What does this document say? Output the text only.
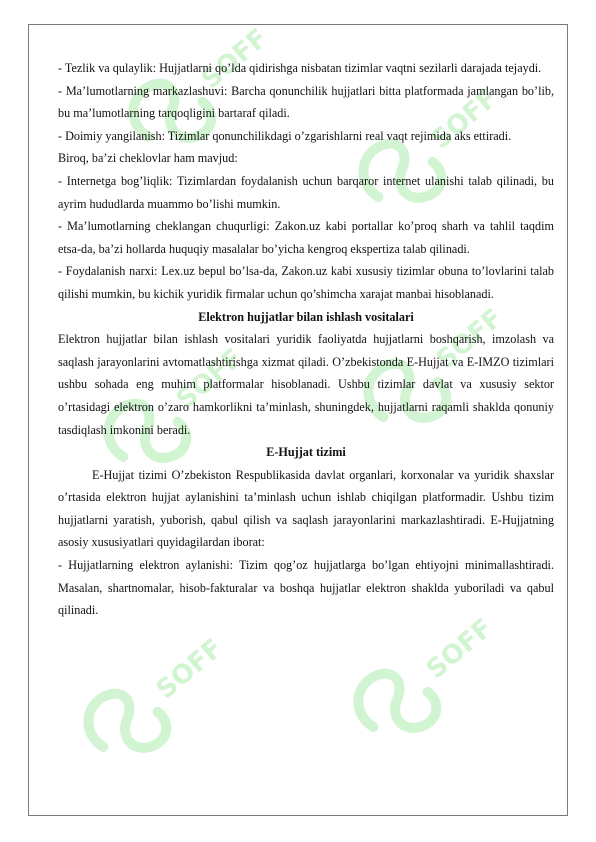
SOFF
SOFF
SOFF
SOFF
SOFF	SOFF

- Tezlik va qulaylik: Hujjatlarni qo’lda qidirishga nisbatan tizimlar vaqtni sezilarli darajada tejaydi.

- Ma’lumotlarning markazlashuvi: Barcha qonunchilik hujjatlari bitta platformada jamlangan bo’lib, bu ma’lumotlarning tarqoqligini bartaraf qiladi.

- Doimiy yangilanish: Tizimlar qonunchilikdagi o’zgarishlarni real vaqt rejimida aks ettiradi.

Biroq, ba’zi cheklovlar ham mavjud:

- Internetga bog’liqlik: Tizimlardan foydalanish uchun barqaror internet ulanishi talab qilinadi, bu ayrim hududlarda muammo bo’lishi mumkin.

- Ma’lumotlarning cheklangan chuqurligi: Zakon.uz kabi portallar ko’proq sharh va tahlil taqdim etsa-da, ba’zi hollarda huquqiy masalalar bo’yicha kengroq ekspertiza talab qilinadi.

- Foydalanish narxi: Lex.uz bepul bo’lsa-da, Zakon.uz kabi xususiy tizimlar obuna to’lovlarini talab qilishi mumkin, bu kichik yuridik firmalar uchun qo’shimcha xarajat manbai hisoblanadi.

Elektron hujjatlar bilan ishlash vositalari

Elektron hujjatlar bilan ishlash vositalari yuridik faoliyatda hujjatlarni boshqarish, imzolash va saqlash jarayonlarini avtomatlashtirishga xizmat qiladi. O’zbekistonda E-Hujjat va E-IMZO tizimlari ushbu sohada eng muhim platformalar hisoblanadi. Ushbu tizimlar davlat va xususiy sektor o’rtasidagi elektron o’zaro hamkorlikni ta’minlash, shuningdek, hujjatlarni raqamli shaklda qonuniy tasdiqlash imkonini beradi.

E-Hujjat tizimi

E-Hujjat tizimi O’zbekiston Respublikasida davlat organlari, korxonalar va yuridik shaxslar o’rtasida elektron hujjat aylanishini ta’minlash uchun ishlab chiqilgan platformadir. Ushbu tizim hujjatlarni yaratish, yuborish, qabul qilish va saqlash jarayonlarini markazlashtiradi. E-Hujjatning asosiy xususiyatlari quyidagilardan iborat:

- Hujjatlarning elektron aylanishi: Tizim qog’oz hujjatlarga bo’lgan ehtiyojni minimallashtiradi. Masalan, shartnomalar, hisob-fakturalar va boshqa hujjatlar elektron shaklda yuboriladi va qabul qilinadi.
